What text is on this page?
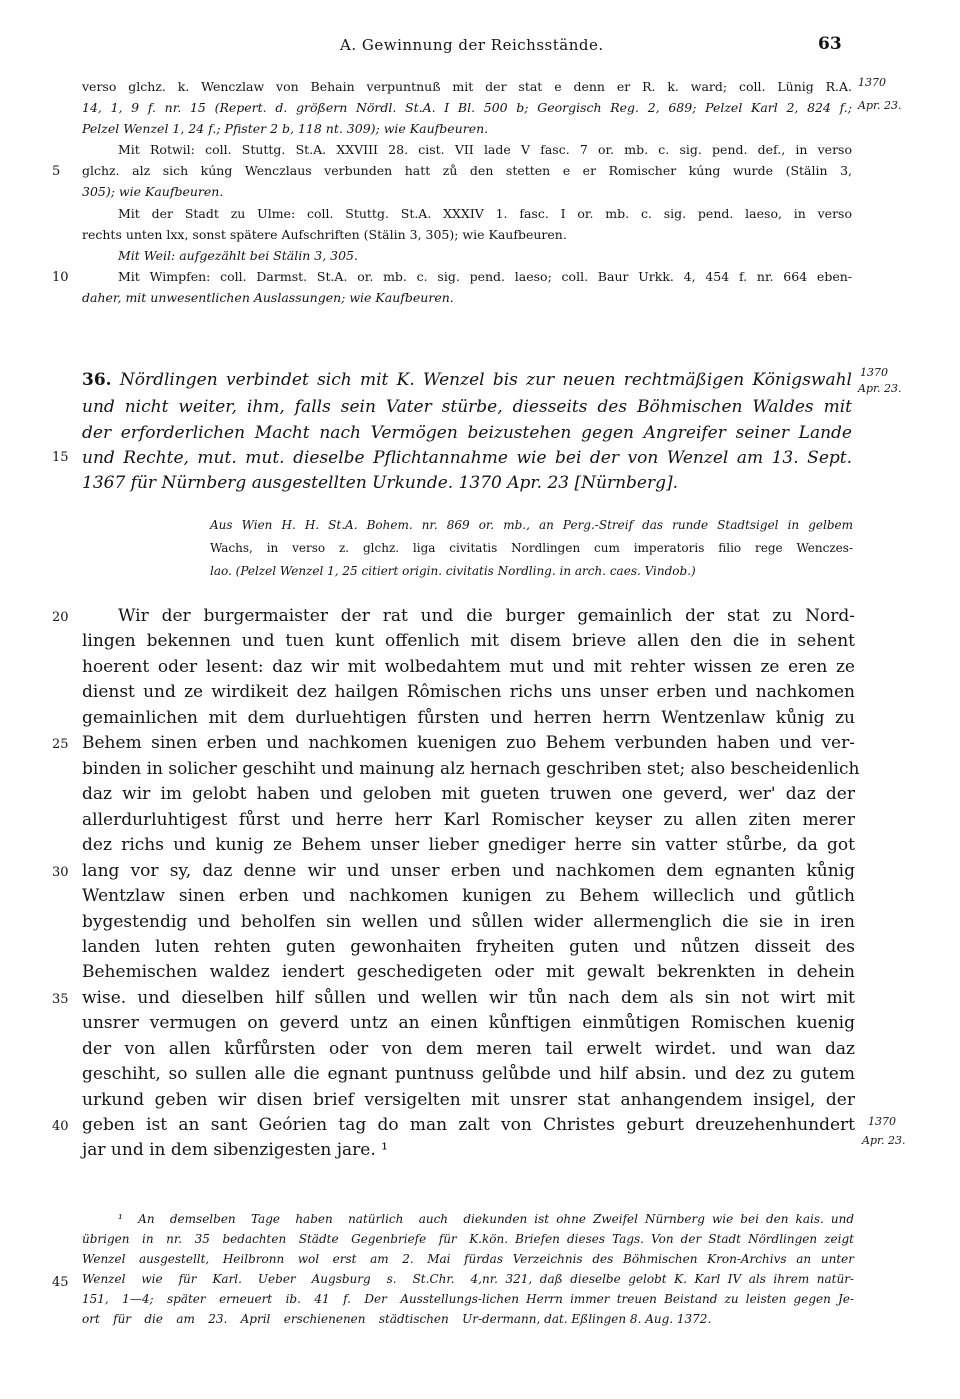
A. Gewinnung der Reichsstände.	63
verso glchz. k. Wenczlaw von Behain verpuntnuß mit der stat e denn er R. k. ward; coll. Lünig R.A.
14, 1, 9 f. nr. 15 (Repert. d. größern Nördl. St.A. I Bl. 500 b; Georgisch Reg. 2, 689; Pelzel Karl 2, 824 f.;
Pelzel Wenzel 1, 24 f.; Pfister 2 b, 118 nt. 309); wie Kaufbeuren.
Mit Rotwil: coll. Stuttg. St.A. XXVIII 28. cist. VII lade V fasc. 7 or. mb. c. sig. pend. def., in verso
glchz. alz sich kúng Wenczlaus verbunden hatt zů den stetten e er Romischer kúng wurde (Stälin 3,
305); wie Kaufbeuren.
Mit der Stadt zu Ulme: coll. Stuttg. St.A. XXXIV 1. fasc. I or. mb. c. sig. pend. laeso, in verso
rechts unten lxx, sonst spätere Aufschriften (Stälin 3, 305); wie Kaufbeuren.
Mit Weil: aufgezählt bei Stälin 3, 305.
Mit Wimpfen: coll. Darmst. St.A. or. mb. c. sig. pend. laeso; coll. Baur Urkk. 4, 454 f. nr. 664 eben-
daher, mit unwesentlichen Auslassungen; wie Kaufbeuren.
36. Nördlingen verbindet sich mit K. Wenzel bis zur neuen rechtmäßigen Königswahl
und nicht weiter, ihm, falls sein Vater stürbe, diesseits des Böhmischen Waldes mit
der erforderlichen Macht nach Vermögen beizustehen gegen Angreifer seiner Lande
und Rechte, mut. mut. dieselbe Pflichtannahme wie bei der von Wenzel am 13. Sept.
1367 für Nürnberg ausgestellten Urkunde. 1370 Apr. 23 [Nürnberg].
Aus Wien H. H. St.A. Bohem. nr. 869 or. mb., an Perg.-Streif das runde Stadtsigel in gelbem
Wachs, in verso z. glchz. liga civitatis Nordlingen cum imperatoris filio rege Wenczes-
lao. (Pelzel Wenzel 1, 25 citiert origin. civitatis Nordling. in arch. caes. Vindob.)
Wir der burgermaister der rat und die burger gemainlich der stat zu Nord-
lingen bekennen und tuen kunt offenlich mit disem brieve allen den die in sehent
hoerent oder lesent: daz wir mit wolbedahtem mut und mit rehter wissen ze eren ze
dienst und ze wirdikeit dez hailgen Rômischen richs uns unser erben und nachkomen
gemainlichen mit dem durluehtigen fůrsten und herren herrn Wentzenlaw kůnig zu
Behem sinen erben und nachkomen kuenigen zuo Behem verbunden haben und ver-
binden in solicher geschiht und mainung alz hernach geschriben stet; also bescheidenlich
daz wir im gelobt haben und geloben mit gueten truwen one geverd, wer' daz der
allerdurluhtigest fůrst und herre herr Karl Romischer keyser zu allen ziten merer
dez richs und kunig ze Behem unser lieber gnediger herre sin vatter stůrbe, da got
lang vor sy, daz denne wir und unser erben und nachkomen dem egnanten kůnig
Wentzlaw sinen erben und nachkomen kunigen zu Behem willeclich und gůtlich
bygestendig und beholfen sin wellen und sůllen wider allermenglich die sie in iren
landen luten rehten guten gewonhaiten fryheiten guten und nůtzen disseit des
Behemischen waldez iendert geschedigeten oder mit gewalt bekrenkten in dehein
wise. und dieselben hilf sůllen und wellen wir tůn nach dem als sin not wirt mit
unsrer vermugen on geverd untz an einen kůnftigen einmůtigen Romischen kuenig
der von allen kůrfůrsten oder von dem meren tail erwelt wirdet. und wan daz
geschiht, so sullen alle die egnant puntnuss gelůbde und hilf absin. und dez zu gutem
urkund geben wir disen brief versigelten mit unsrer stat anhangendem insigel, der
geben ist an sant Geórien tag do man zalt von Christes geburt dreuzehenhundert
jar und in dem sibenzigesten jare. ¹
¹ An demselben Tage haben natürlich auch die
übrigen in nr. 35 bedachten Städte Gegenbriefe für K.
Wenzel ausgestellt, Heilbronn wol erst am 2. Mai für
Wenzel wie für Karl. Ueber Augsburg s. St.Chr. 4,
151, 1—4; später erneuert ib. 41 f. Der Ausstellungs-
ort für die am 23. April erschienenen städtischen Ur-
kunden ist ohne Zweifel Nürnberg wie bei den kais. und
kön. Briefen dieses Tags. Von der Stadt Nördlingen zeigt
das Verzeichnis des Böhmischen Kron-Archivs an unter
nr. 321, daß dieselbe gelobt K. Karl IV als ihrem natür-
lichen Herrn immer treuen Beistand zu leisten gegen Je-
dermann, dat. Eßlingen 8. Aug. 1372.
5
10
15
20
25
30
35
40
45
1370
Apr. 23.
1370
Apr. 23.
1370
Apr. 23.
